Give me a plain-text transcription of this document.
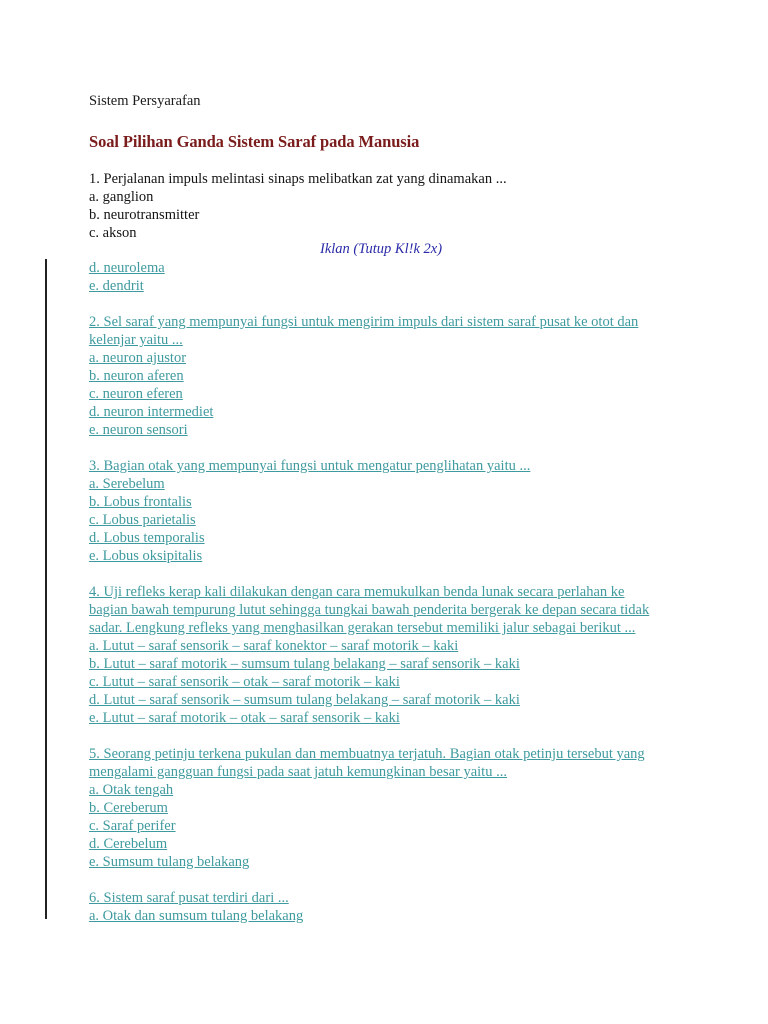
Sistem Persyarafan
Soal Pilihan Ganda Sistem Saraf pada Manusia
1. Perjalanan impuls melintasi sinaps melibatkan zat yang dinamakan ...
a. ganglion
b. neurotransmitter
c. akson
Iklan (Tutup Kl!k 2x)
d. neurolema
e. dendrit
2. Sel saraf yang mempunyai fungsi untuk mengirim impuls dari sistem saraf pusat ke otot dan
kelenjar yaitu ...
a. neuron ajustor
b. neuron aferen
c. neuron eferen
d. neuron intermediet
e. neuron sensori
3. Bagian otak yang mempunyai fungsi untuk mengatur penglihatan yaitu ...
a. Serebelum
b. Lobus frontalis
c. Lobus parietalis
d. Lobus temporalis
e. Lobus oksipitalis
4. Uji refleks kerap kali dilakukan dengan cara memukulkan benda lunak secara perlahan ke
bagian bawah tempurung lutut sehingga tungkai bawah penderita bergerak ke depan secara tidak
sadar. Lengkung refleks yang menghasilkan gerakan tersebut memiliki jalur sebagai berikut ...
a. Lutut – saraf sensorik – saraf konektor – saraf motorik – kaki
b. Lutut – saraf motorik – sumsum tulang belakang – saraf sensorik – kaki
c. Lutut – saraf sensorik – otak – saraf motorik – kaki
d. Lutut – saraf sensorik – sumsum tulang belakang – saraf motorik – kaki
e. Lutut – saraf motorik – otak – saraf sensorik – kaki
5. Seorang petinju terkena pukulan dan membuatnya terjatuh. Bagian otak petinju tersebut yang
mengalami gangguan fungsi pada saat jatuh kemungkinan besar yaitu ...
a. Otak tengah
b. Cereberum
c. Saraf perifer
d. Cerebelum
e. Sumsum tulang belakang
6. Sistem saraf pusat terdiri dari ...
a. Otak dan sumsum tulang belakang
